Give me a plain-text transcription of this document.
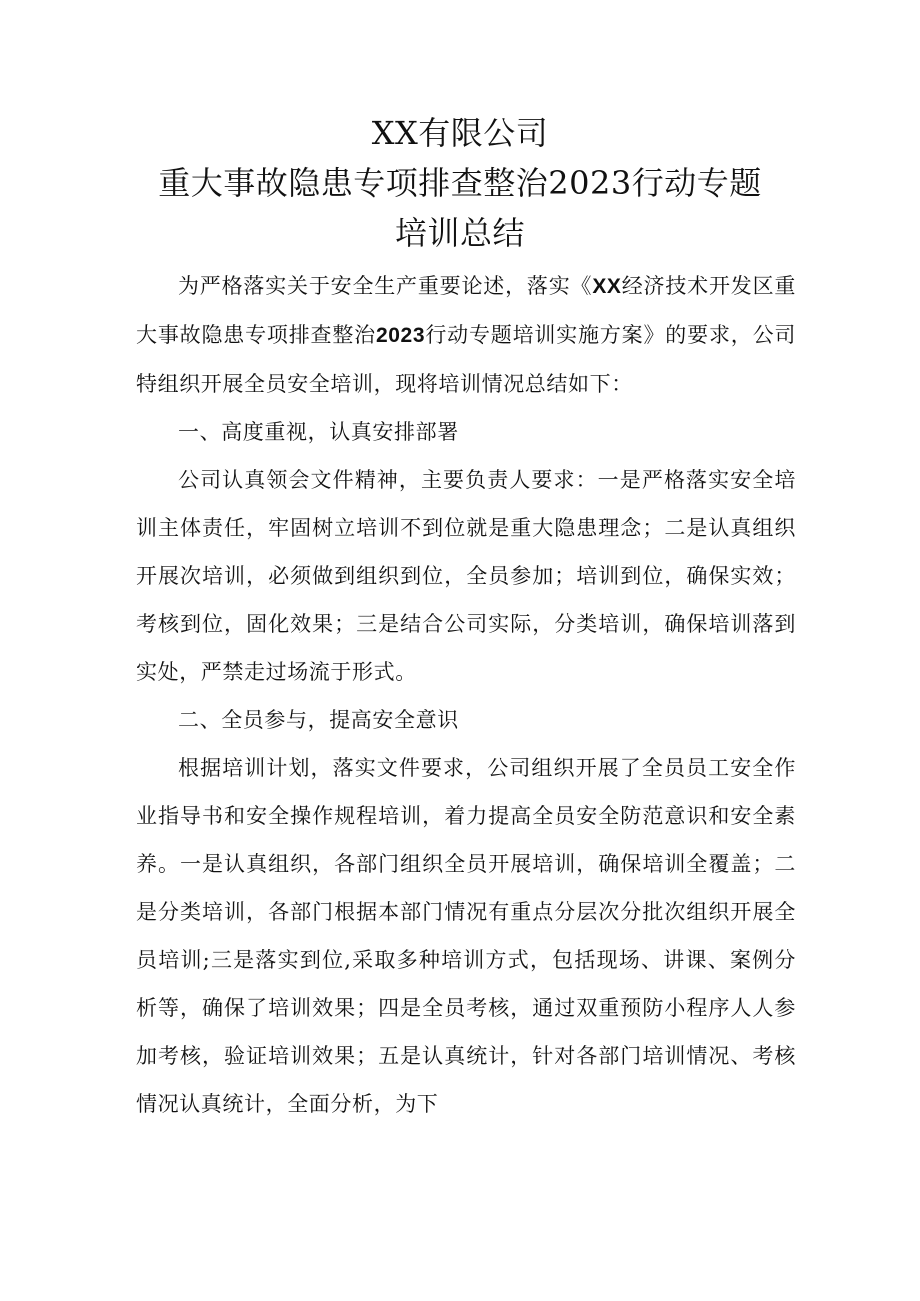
XX有限公司
重大事故隐患专项排查整治2023行动专题
培训总结

为严格落实关于安全生产重要论述，落实《XX经济技术开发区重大事故隐患专项排查整治2023行动专题培训实施方案》的要求，公司特组织开展全员安全培训，现将培训情况总结如下：

一、高度重视，认真安排部署

公司认真领会文件精神，主要负责人要求：一是严格落实安全培训主体责任，牢固树立培训不到位就是重大隐患理念；二是认真组织开展次培训，必须做到组织到位，全员参加；培训到位，确保实效；考核到位，固化效果；三是结合公司实际，分类培训，确保培训落到实处，严禁走过场流于形式。

二、全员参与，提高安全意识

根据培训计划，落实文件要求，公司组织开展了全员员工安全作业指导书和安全操作规程培训，着力提高全员安全防范意识和安全素养。一是认真组织，各部门组织全员开展培训，确保培训全覆盖；二是分类培训，各部门根据本部门情况有重点分层次分批次组织开展全员培训;三是落实到位,采取多种培训方式，包括现场、讲课、案例分析等，确保了培训效果；四是全员考核，通过双重预防小程序人人参加考核，验证培训效果；五是认真统计，针对各部门培训情况、考核情况认真统计，全面分析，为下
